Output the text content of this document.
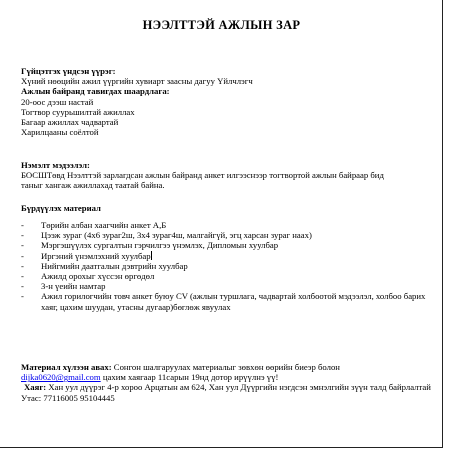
НЭЭЛТТЭЙ АЖЛЫН ЗАР
Гүйцэтгэх үндсэн үүрэг:
Хүний нөөцийн ажил үүргийн хувиарт заасны дагуу Үйлчлэгч
Ажлын байранд тавигдах шаардлага:
20-оос дээш настай
Тогтвор суурьшилтай ажиллах
Багаар ажиллах чадвартай
Харилцааны соёлтой
Нэмэлт мэдээлэл:
БОСШТөвд Нээлттэй зарлагдсан ажлын байранд анкет илгээснээр тогтвортой ажлын байраар бид
таныг хангаж ажиллахад таатай байна.
Бүрдүүлэх материал
- Төрийн албан хаагчийн анкет А,Б
- Цээж зураг (4x6 зураг2ш, 3x4 зураг4ш, малгайгүй, эгц харсан зураг наах)
- Мэргэшүүлэх сургалтын гэрчилгээ үнэмлэх, Дипломын хуулбар
- Иргэний үнэмлэхний хуулбар
- Нийгмийн даатгалын дэвтрийн хуулбар
- Ажилд орохыг хүссэн өргөдөл
- 3-н үеийн намтар
- Ажил горилогчийн товч анкет буюу CV (ажлын туршлага, чадвартай холбоотой мэдээлэл, холбоо барих хаяг, цахим шуудан, утасны дугаар)бөглөж явуулах
Материал хүлээн авах: Сонгон шалгаруулах материалыг зөвхөн өөрийн биеэр болон
dijka0620@gmail.com цахим хаягаар 11сарын 19нд дотор ирүүлнэ үү!
Хаяг: Хан уул дүүрэг 4-р хороо Арцатын ам 624, Хан уул Дүүргийн нэгдсэн эмнэлгийн зүүн талд байрлалтай
Утас: 77116005 95104445
